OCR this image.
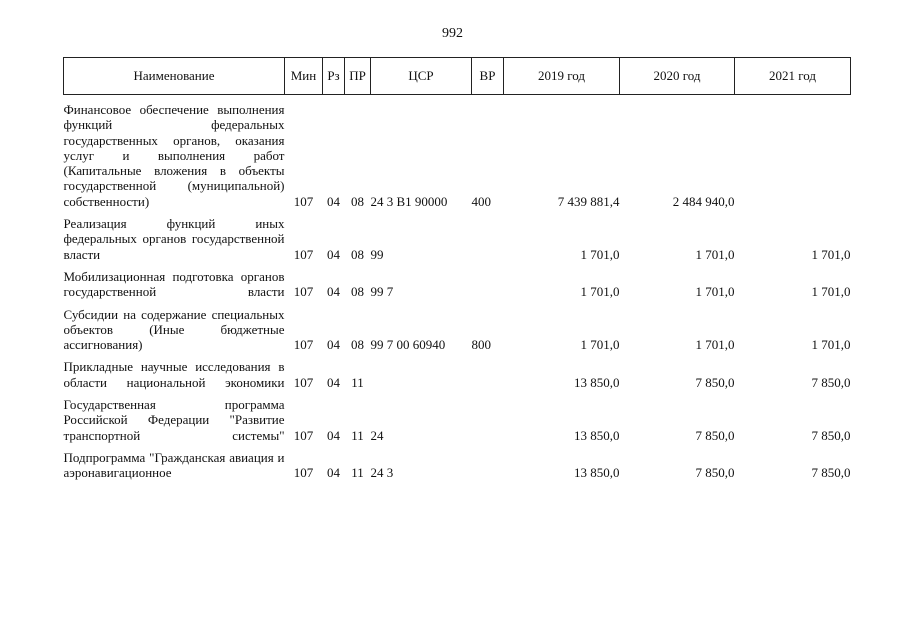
992
Наименование	Мин	Рз	ПР	ЦСР	ВР	2019 год	2020 год	2021 год

Финансовое обеспечение выполнения функций федеральных государственных органов, оказания услуг и выполнения работ (Капитальные вложения в объекты государственной (муниципальной) собственности)	107	04	08	24 3 В1 90000	400	7 439 881,4	2 484 940,0	

Реализация функций иных федеральных органов государственной власти	107	04	08	99		1 701,0	1 701,0	1 701,0

Мобилизационная подготовка органов государственной власти	107	04	08	99 7		1 701,0	1 701,0	1 701,0

Субсидии на содержание специальных объектов (Иные бюджетные ассигнования)	107	04	08	99 7 00 60940	800	1 701,0	1 701,0	1 701,0

Прикладные научные исследования в области национальной экономики	107	04	11			13 850,0	7 850,0	7 850,0

Государственная программа Российской Федерации "Развитие транспортной системы"	107	04	11	24		13 850,0	7 850,0	7 850,0

Подпрограмма "Гражданская авиация и аэронавигационное	107	04	11	24 3		13 850,0	7 850,0	7 850,0
